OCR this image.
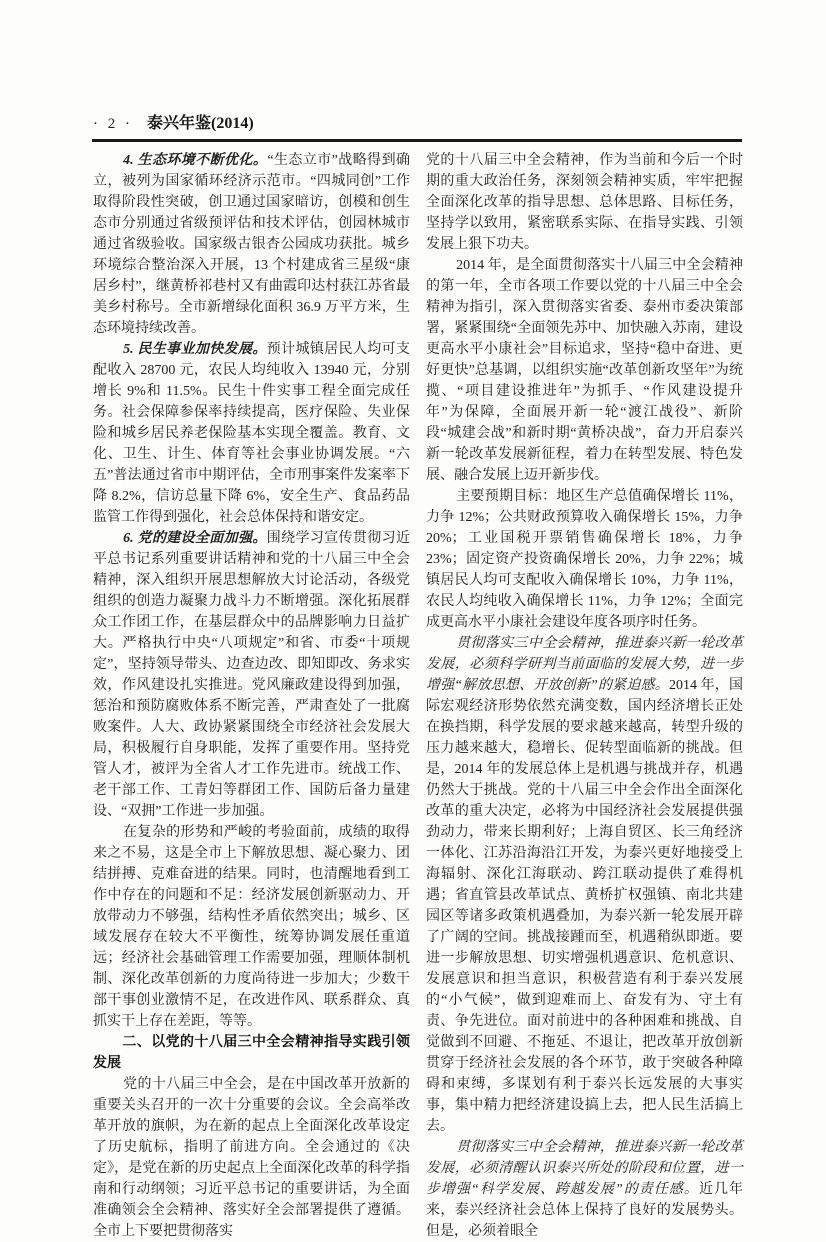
· 2 · 泰兴年鉴(2014)

4. 生态环境不断优化。“生态立市”战略得到确立，被列为国家循环经济示范市。“四城同创”工作取得阶段性突破，创卫通过国家暗访，创模和创生态市分别通过省级预评估和技术评估，创园林城市通过省级验收。国家级古银杏公园成功获批。城乡环境综合整治深入开展，13 个村建成省三星级“康居乡村”，继黄桥祁巷村又有曲霞印达村获江苏省最美乡村称号。全市新增绿化面积 36.9 万平方米，生态环境持续改善。

5. 民生事业加快发展。预计城镇居民人均可支配收入 28700 元，农民人均纯收入 13940 元，分别增长 9%和 11.5%。民生十件实事工程全面完成任务。社会保障参保率持续提高，医疗保险、失业保险和城乡居民养老保险基本实现全覆盖。教育、文化、卫生、计生、体育等社会事业协调发展。“六五”普法通过省市中期评估，全市刑事案件发案率下降 8.2%，信访总量下降 6%，安全生产、食品药品监管工作得到强化，社会总体保持和谐安定。

6. 党的建设全面加强。围绕学习宣传贯彻习近平总书记系列重要讲话精神和党的十八届三中全会精神，深入组织开展思想解放大讨论活动，各级党组织的创造力凝聚力战斗力不断增强。深化拓展群众工作团工作，在基层群众中的品牌影响力日益扩大。严格执行中央“八项规定”和省、市委“十项规定”，坚持领导带头、边查边改、即知即改、务求实效，作风建设扎实推进。党风廉政建设得到加强，惩治和预防腐败体系不断完善，严肃查处了一批腐败案件。人大、政协紧紧围绕全市经济社会发展大局，积极履行自身职能，发挥了重要作用。坚持党管人才，被评为全省人才工作先进市。统战工作、老干部工作、工青妇等群团工作、国防后备力量建设、“双拥”工作进一步加强。

在复杂的形势和严峻的考验面前，成绩的取得来之不易，这是全市上下解放思想、凝心聚力、团结拼搏、克难奋进的结果。同时，也清醒地看到工作中存在的问题和不足：经济发展创新驱动力、开放带动力不够强，结构性矛盾依然突出；城乡、区域发展存在较大不平衡性，统筹协调发展任重道远；经济社会基础管理工作需要加强，理顺体制机制、深化改革创新的力度尚待进一步加大；少数干部干事创业激情不足，在改进作风、联系群众、真抓实干上存在差距，等等。

二、以党的十八届三中全会精神指导实践引领发展

党的十八届三中全会，是在中国改革开放新的重要关头召开的一次十分重要的会议。全会高举改革开放的旗帜，为在新的起点上全面深化改革设定了历史航标，指明了前进方向。全会通过的《决定》，是党在新的历史起点上全面深化改革的科学指南和行动纲领；习近平总书记的重要讲话，为全面准确领会全会精神、落实好全会部署提供了遵循。全市上下要把贯彻落实

党的十八届三中全会精神，作为当前和今后一个时期的重大政治任务，深刻领会精神实质，牢牢把握全面深化改革的指导思想、总体思路、目标任务，坚持学以致用，紧密联系实际、在指导实践、引领发展上狠下功夫。

2014 年，是全面贯彻落实十八届三中全会精神的第一年，全市各项工作要以党的十八届三中全会精神为指引，深入贯彻落实省委、泰州市委决策部署，紧紧围绕“全面领先苏中、加快融入苏南，建设更高水平小康社会”目标追求，坚持“稳中奋进、更好更快”总基调，以组织实施“改革创新攻坚年”为统揽、“项目建设推进年”为抓手、“作风建设提升年”为保障，全面展开新一轮“渡江战役”、新阶段“城建会战”和新时期“黄桥决战”，奋力开启泰兴新一轮改革发展新征程，着力在转型发展、特色发展、融合发展上迈开新步伐。

主要预期目标：地区生产总值确保增长 11%，力争 12%；公共财政预算收入确保增长 15%，力争 20%；工业国税开票销售确保增长 18%，力争 23%；固定资产投资确保增长 20%，力争 22%；城镇居民人均可支配收入确保增长 10%，力争 11%，农民人均纯收入确保增长 11%，力争 12%；全面完成更高水平小康社会建设年度各项序时任务。

贯彻落实三中全会精神，推进泰兴新一轮改革发展，必须科学研判当前面临的发展大势，进一步增强“解放思想、开放创新”的紧迫感。2014 年，国际宏观经济形势依然充满变数，国内经济增长正处在换挡期，科学发展的要求越来越高，转型升级的压力越来越大，稳增长、促转型面临新的挑战。但是，2014 年的发展总体上是机遇与挑战并存，机遇仍然大于挑战。党的十八届三中全会作出全面深化改革的重大决定，必将为中国经济社会发展提供强劲动力，带来长期利好；上海自贸区、长三角经济一体化、江苏沿海沿江开发，为泰兴更好地接受上海辐射、深化江海联动、跨江联动提供了难得机遇；省直管县改革试点、黄桥扩权强镇、南北共建园区等诸多政策机遇叠加，为泰兴新一轮发展开辟了广阔的空间。挑战接踵而至，机遇稍纵即逝。要进一步解放思想、切实增强机遇意识、危机意识、发展意识和担当意识，积极营造有利于泰兴发展的“小气候”，做到迎难而上、奋发有为、守土有责、争先进位。面对前进中的各种困难和挑战、自觉做到不回避、不拖延、不退让，把改革开放创新贯穿于经济社会发展的各个环节，敢于突破各种障碍和束缚，多谋划有利于泰兴长远发展的大事实事，集中精力把经济建设搞上去，把人民生活搞上去。

贯彻落实三中全会精神，推进泰兴新一轮改革发展，必须清醒认识泰兴所处的阶段和位置，进一步增强“科学发展、跨越发展”的责任感。近几年来，泰兴经济社会总体上保持了良好的发展势头。但是，必须着眼全
